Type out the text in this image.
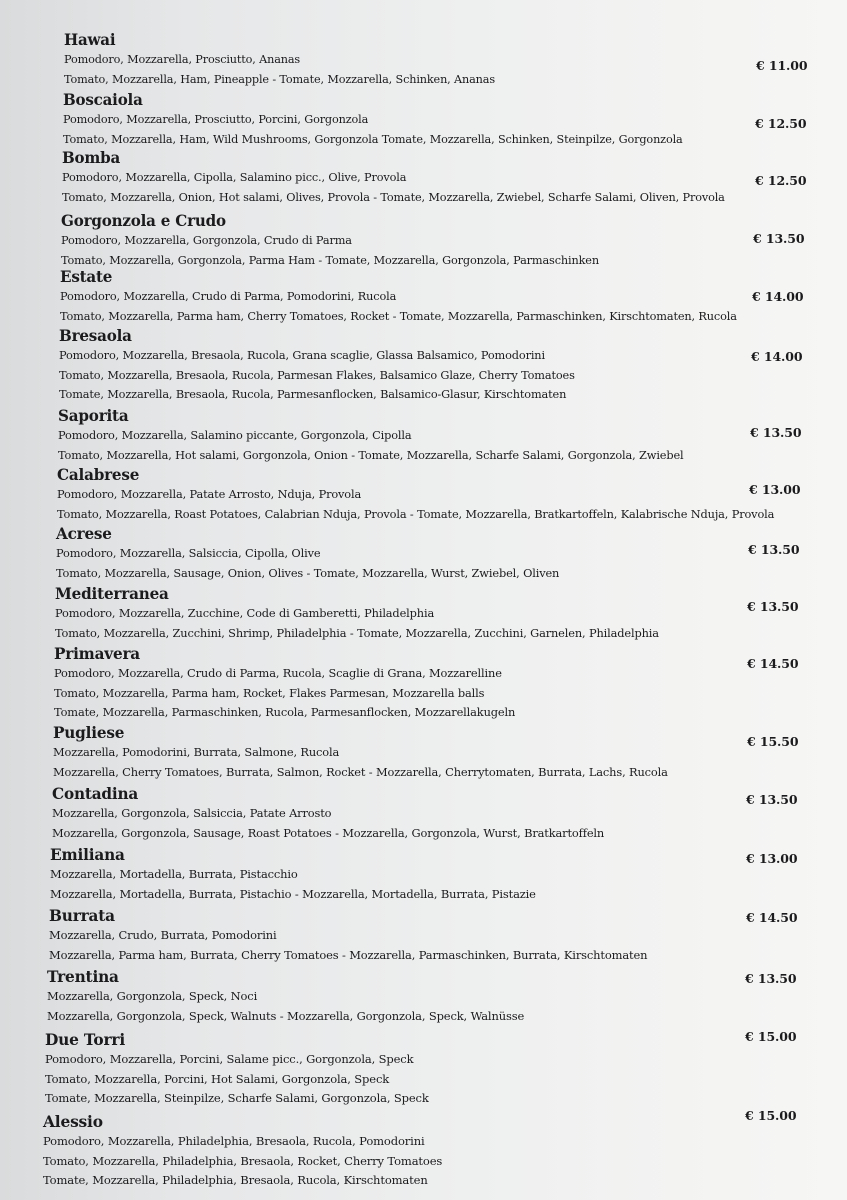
Hawai
Pomodoro, Mozzarella, Prosciutto, Ananas
Tomato, Mozzarella, Ham, Pineapple - Tomate, Mozzarella, Schinken, Ananas
€ 11.00
Boscaiola
Pomodoro, Mozzarella, Prosciutto, Porcini, Gorgonzola
Tomato, Mozzarella, Ham, Wild Mushrooms, Gorgonzola Tomate, Mozzarella, Schinken, Steinpilze, Gorgonzola
€ 12.50
Bomba
Pomodoro, Mozzarella, Cipolla, Salamino picc., Olive, Provola
Tomato, Mozzarella, Onion, Hot salami, Olives, Provola - Tomate, Mozzarella, Zwiebel, Scharfe Salami, Oliven, Provola
€ 12.50
Gorgonzola e Crudo
Pomodoro, Mozzarella, Gorgonzola, Crudo di Parma
Tomato, Mozzarella, Gorgonzola, Parma Ham - Tomate, Mozzarella, Gorgonzola, Parmaschinken
€ 13.50
Estate
Pomodoro, Mozzarella, Crudo di Parma, Pomodorini, Rucola
Tomato, Mozzarella, Parma ham, Cherry Tomatoes, Rocket - Tomate, Mozzarella, Parmaschinken, Kirschtomaten, Rucola
€ 14.00
Bresaola
Pomodoro, Mozzarella, Bresaola, Rucola, Grana scaglie, Glassa Balsamico, Pomodorini
Tomato, Mozzarella, Bresaola, Rucola, Parmesan Flakes, Balsamico Glaze, Cherry Tomatoes
Tomate, Mozzarella, Bresaola, Rucola, Parmesanflocken, Balsamico-Glasur, Kirschtomaten
€ 14.00
Saporita
Pomodoro, Mozzarella, Salamino piccante, Gorgonzola, Cipolla
Tomato, Mozzarella, Hot salami, Gorgonzola, Onion - Tomate, Mozzarella, Scharfe Salami, Gorgonzola, Zwiebel
€ 13.50
Calabrese
Pomodoro, Mozzarella, Patate Arrosto, Nduja, Provola
Tomato, Mozzarella, Roast Potatoes, Calabrian Nduja, Provola - Tomate, Mozzarella, Bratkartoffeln, Kalabrische Nduja, Provola
€ 13.00
Acrese
Pomodoro, Mozzarella, Salsiccia, Cipolla, Olive
Tomato, Mozzarella, Sausage, Onion, Olives - Tomate, Mozzarella, Wurst, Zwiebel, Oliven
€ 13.50
Mediterranea
Pomodoro, Mozzarella, Zucchine, Code di Gamberetti, Philadelphia
Tomato, Mozzarella, Zucchini, Shrimp, Philadelphia - Tomate, Mozzarella, Zucchini, Garnelen, Philadelphia
€ 13.50
Primavera
Pomodoro, Mozzarella, Crudo di Parma, Rucola, Scaglie di Grana, Mozzarelline
Tomato, Mozzarella, Parma ham, Rocket, Flakes Parmesan, Mozzarella balls
Tomate, Mozzarella, Parmaschinken, Rucola, Parmesanflocken, Mozzarellakugeln
€ 14.50
Pugliese
Mozzarella, Pomodorini, Burrata, Salmone, Rucola
Mozzarella, Cherry Tomatoes, Burrata, Salmon, Rocket - Mozzarella, Cherrytomaten, Burrata, Lachs, Rucola
€ 15.50
Contadina
Mozzarella, Gorgonzola, Salsiccia, Patate Arrosto
Mozzarella, Gorgonzola, Sausage, Roast Potatoes - Mozzarella, Gorgonzola, Wurst, Bratkartoffeln
€ 13.50
Emiliana
Mozzarella, Mortadella, Burrata, Pistacchio
Mozzarella, Mortadella, Burrata, Pistachio - Mozzarella, Mortadella, Burrata, Pistazie
€ 13.00
Burrata
Mozzarella, Crudo, Burrata, Pomodorini
Mozzarella, Parma ham, Burrata, Cherry Tomatoes - Mozzarella, Parmaschinken, Burrata, Kirschtomaten
€ 14.50
Trentina
Mozzarella, Gorgonzola, Speck, Noci
Mozzarella, Gorgonzola, Speck, Walnuts - Mozzarella, Gorgonzola, Speck, Walnüsse
€ 13.50
Due Torri
Pomodoro, Mozzarella, Porcini, Salame picc., Gorgonzola, Speck
Tomato, Mozzarella, Porcini, Hot Salami, Gorgonzola, Speck
Tomate, Mozzarella, Steinpilze, Scharfe Salami, Gorgonzola, Speck
€ 15.00
Alessio
Pomodoro, Mozzarella, Philadelphia, Bresaola, Rucola, Pomodorini
Tomato, Mozzarella, Philadelphia, Bresaola, Rocket, Cherry Tomatoes
Tomate, Mozzarella, Philadelphia, Bresaola, Rucola, Kirschtomaten
€ 15.00
